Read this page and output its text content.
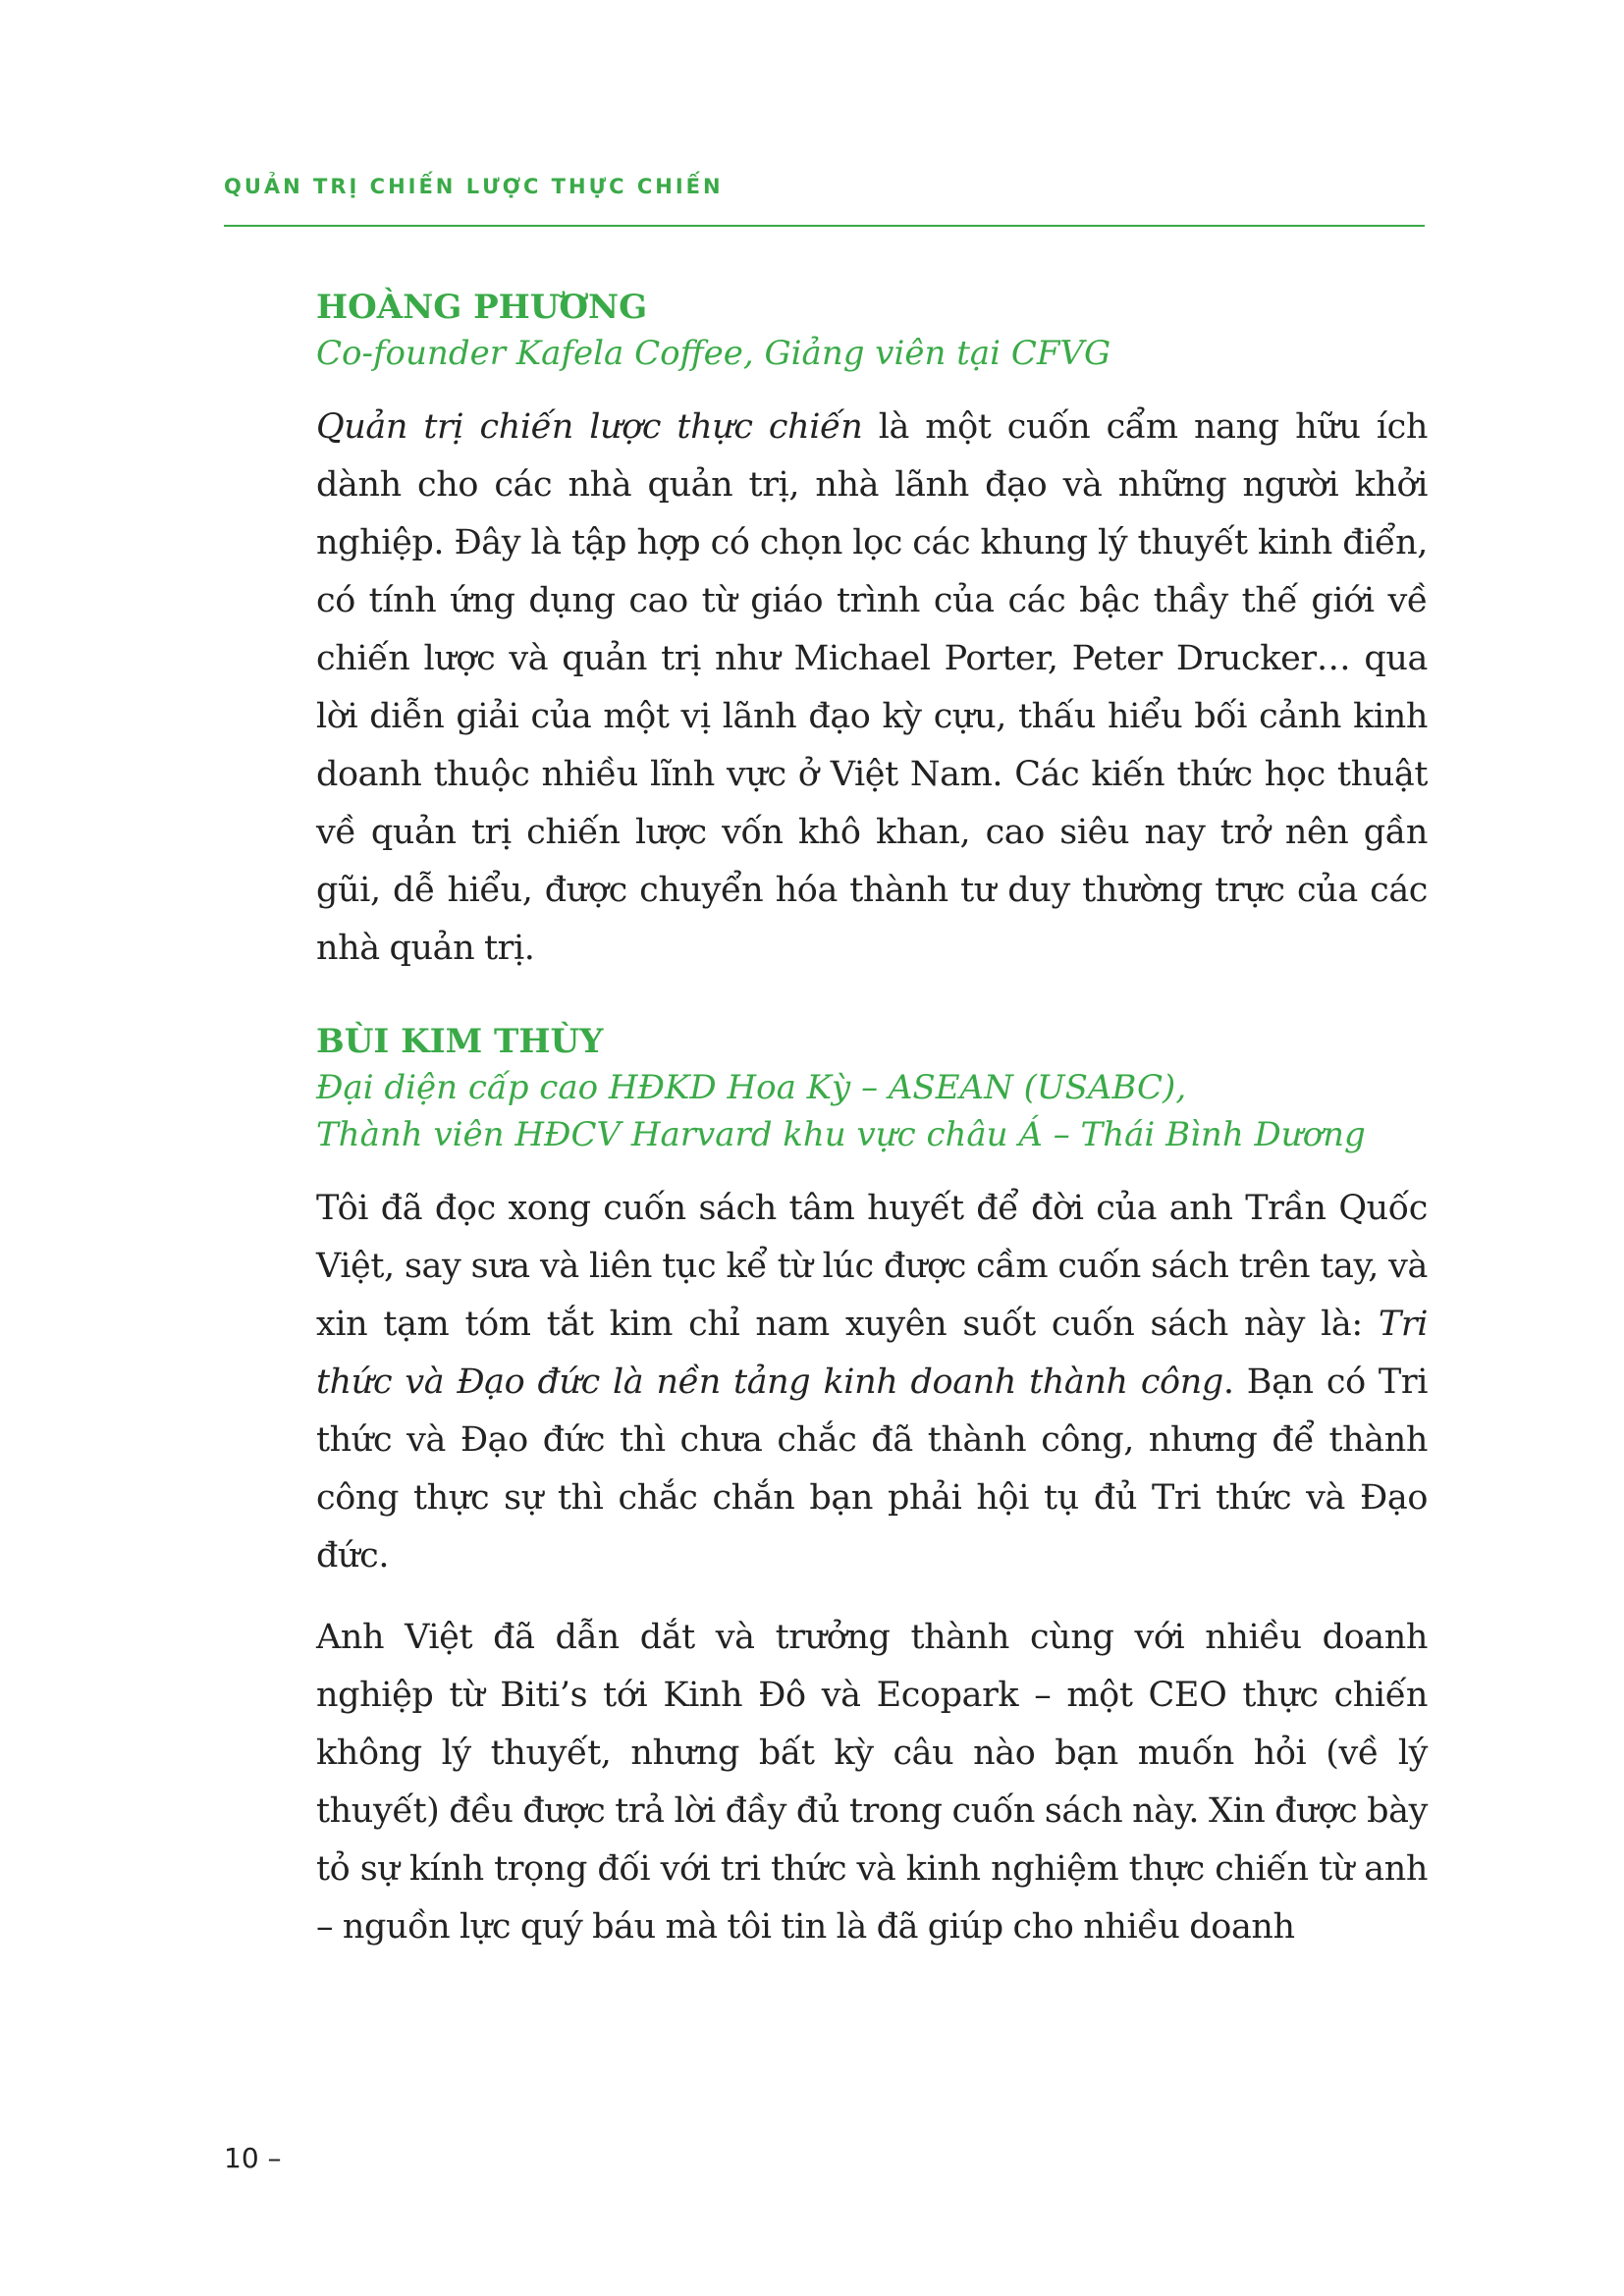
QUẢN TRỊ CHIẾN LƯỢC THỰC CHIẾN
HOÀNG PHƯƠNG
Co-founder Kafela Coffee, Giảng viên tại CFVG

Quản trị chiến lược thực chiến là một cuốn cẩm nang hữu ích dành cho các nhà quản trị, nhà lãnh đạo và những người khởi nghiệp. Đây là tập hợp có chọn lọc các khung lý thuyết kinh điển, có tính ứng dụng cao từ giáo trình của các bậc thầy thế giới về chiến lược và quản trị như Michael Porter, Peter Drucker… qua lời diễn giải của một vị lãnh đạo kỳ cựu, thấu hiểu bối cảnh kinh doanh thuộc nhiều lĩnh vực ở Việt Nam. Các kiến thức học thuật về quản trị chiến lược vốn khô khan, cao siêu nay trở nên gần gũi, dễ hiểu, được chuyển hóa thành tư duy thường trực của các nhà quản trị.

BÙI KIM THÙY
Đại diện cấp cao HĐKD Hoa Kỳ – ASEAN (USABC),
Thành viên HĐCV Harvard khu vực châu Á – Thái Bình Dương

Tôi đã đọc xong cuốn sách tâm huyết để đời của anh Trần Quốc Việt, say sưa và liên tục kể từ lúc được cầm cuốn sách trên tay, và xin tạm tóm tắt kim chỉ nam xuyên suốt cuốn sách này là: Tri thức và Đạo đức là nền tảng kinh doanh thành công. Bạn có Tri thức và Đạo đức thì chưa chắc đã thành công, nhưng để thành công thực sự thì chắc chắn bạn phải hội tụ đủ Tri thức và Đạo đức.

Anh Việt đã dẫn dắt và trưởng thành cùng với nhiều doanh nghiệp từ Biti’s tới Kinh Đô và Ecopark – một CEO thực chiến không lý thuyết, nhưng bất kỳ câu nào bạn muốn hỏi (về lý thuyết) đều được trả lời đầy đủ trong cuốn sách này. Xin được bày tỏ sự kính trọng đối với tri thức và kinh nghiệm thực chiến từ anh – nguồn lực quý báu mà tôi tin là đã giúp cho nhiều doanh

10 –
